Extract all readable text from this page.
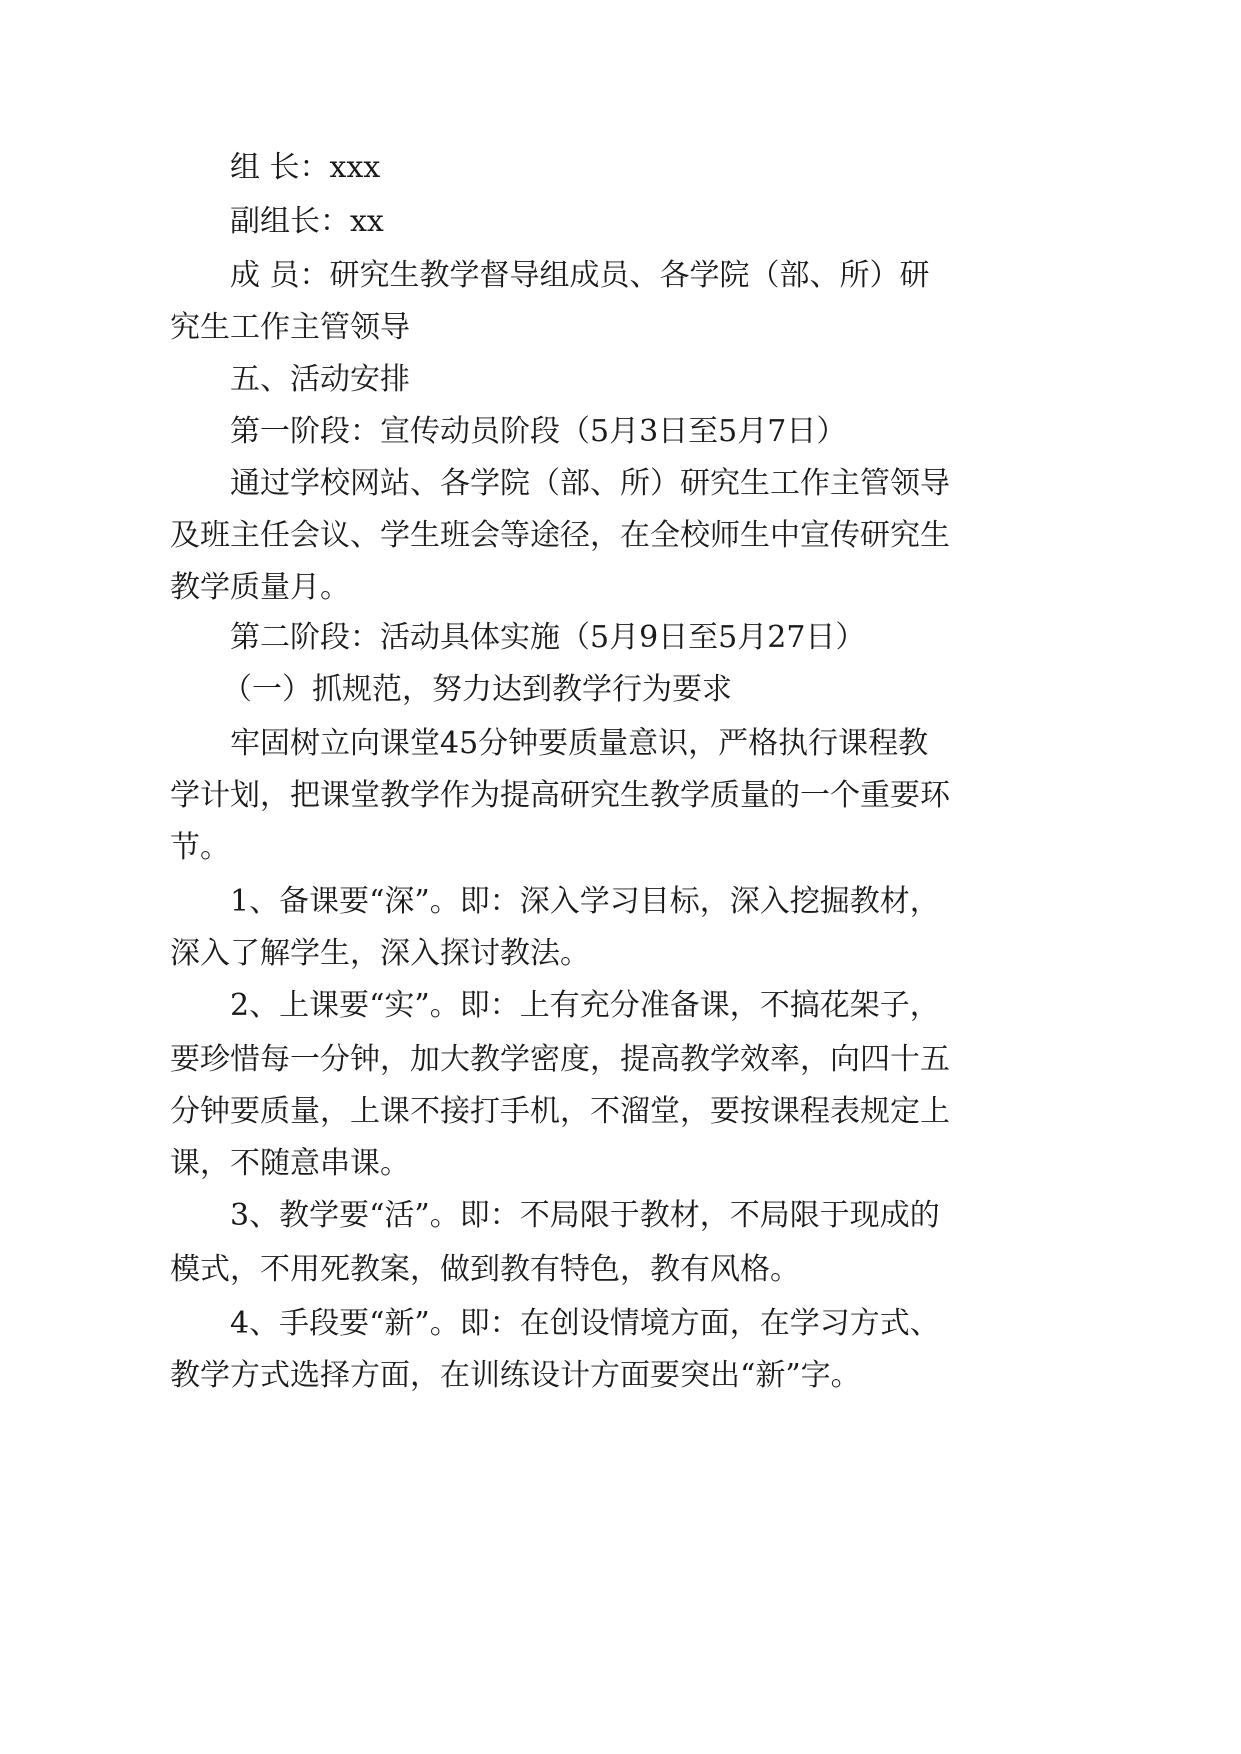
组 长：xxx
副组长：xx
成 员：研究生教学督导组成员、各学院（部、所）研
究生工作主管领导
五、活动安排
第一阶段：宣传动员阶段（5月3日至5月7日）
通过学校网站、各学院（部、所）研究生工作主管领导
及班主任会议、学生班会等途径，在全校师生中宣传研究生
教学质量月。
第二阶段：活动具体实施（5月9日至5月27日）
（一）抓规范，努力达到教学行为要求
牢固树立向课堂45分钟要质量意识，严格执行课程教
学计划，把课堂教学作为提高研究生教学质量的一个重要环
节。
1、备课要“深”。即：深入学习目标，深入挖掘教材，
深入了解学生，深入探讨教法。
2、上课要“实”。即：上有充分准备课，不搞花架子，
要珍惜每一分钟，加大教学密度，提高教学效率，向四十五
分钟要质量，上课不接打手机，不溜堂，要按课程表规定上
课，不随意串课。
3、教学要“活”。即：不局限于教材，不局限于现成的
模式，不用死教案，做到教有特色，教有风格。
4、手段要“新”。即：在创设情境方面，在学习方式、
教学方式选择方面，在训练设计方面要突出“新”字。
